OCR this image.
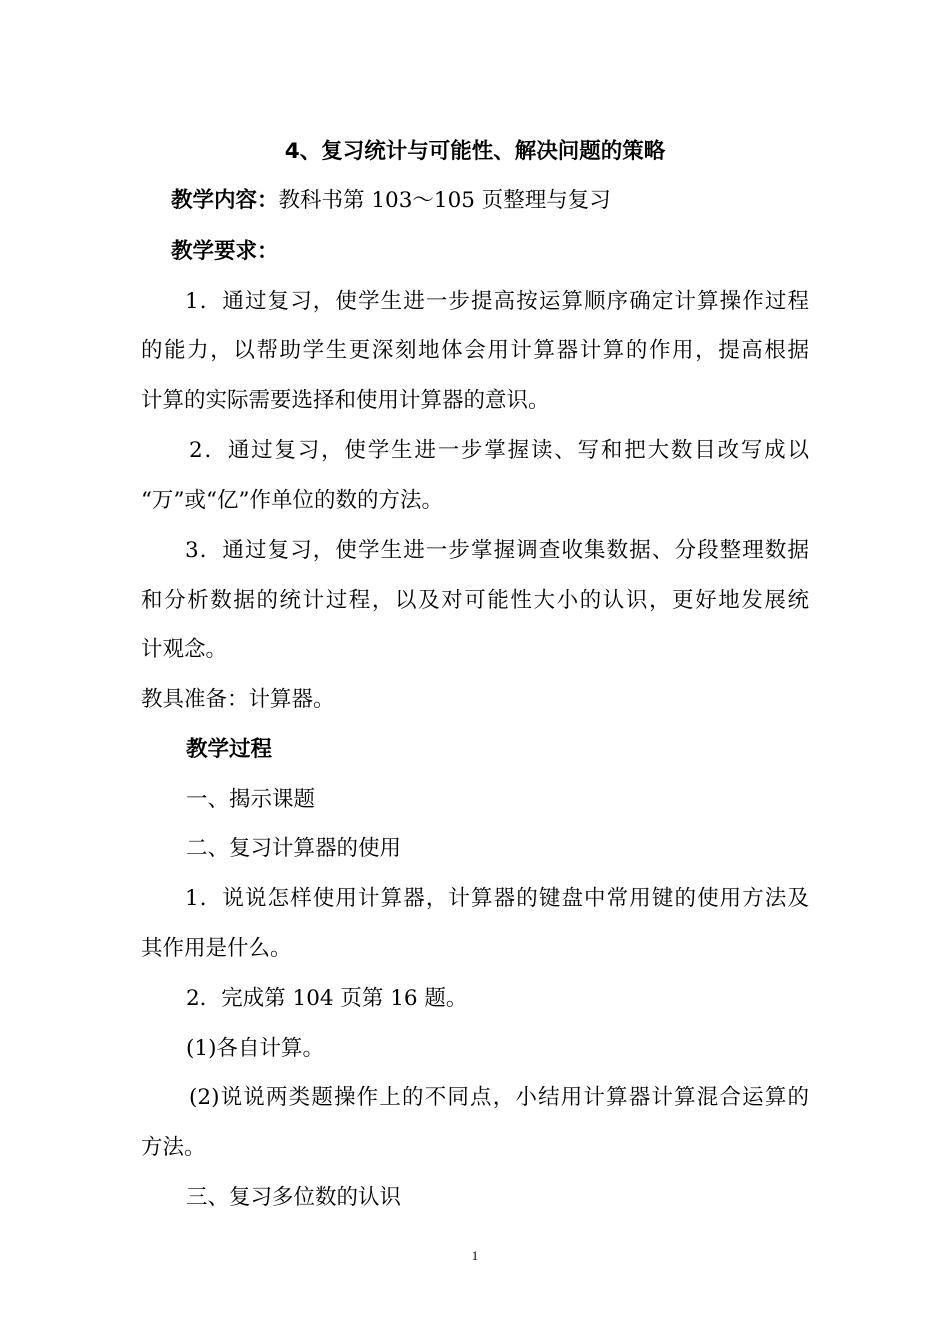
4、复习统计与可能性、解决问题的策略
教学内容：教科书第 103～105 页整理与复习
教学要求：
1．通过复习，使学生进一步提高按运算顺序确定计算操作过程
的能力，以帮助学生更深刻地体会用计算器计算的作用，提高根据
计算的实际需要选择和使用计算器的意识。
2．通过复习，使学生进一步掌握读、写和把大数目改写成以
“万”或“亿”作单位的数的方法。
3．通过复习，使学生进一步掌握调查收集数据、分段整理数据
和分析数据的统计过程，以及对可能性大小的认识，更好地发展统
计观念。
教具准备：计算器。
教学过程
一、揭示课题
二、复习计算器的使用
1．说说怎样使用计算器，计算器的键盘中常用键的使用方法及
其作用是什么。
2．完成第 104 页第 16 题。
(1)各自计算。
(2)说说两类题操作上的不同点，小结用计算器计算混合运算的
方法。
三、复习多位数的认识
1
